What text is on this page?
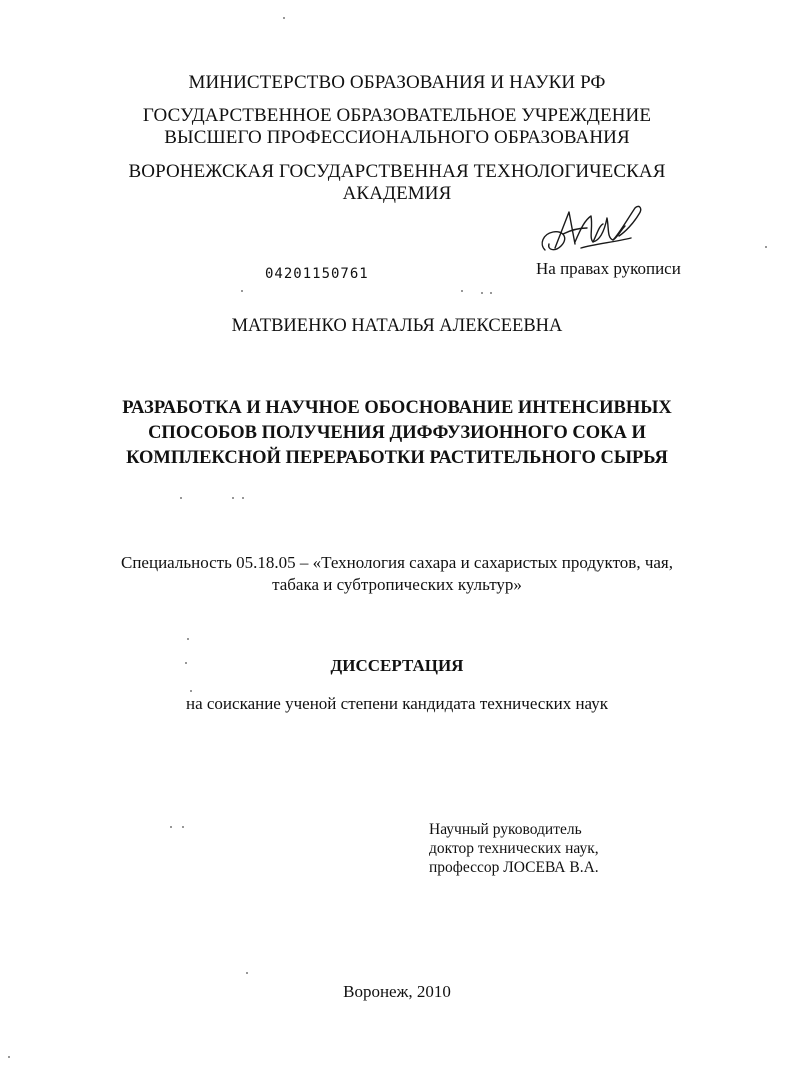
МИНИСТЕРСТВО ОБРАЗОВАНИЯ И НАУКИ РФ
ГОСУДАРСТВЕННОЕ ОБРАЗОВАТЕЛЬНОЕ УЧРЕЖДЕНИЕ
ВЫСШЕГО ПРОФЕССИОНАЛЬНОГО ОБРАЗОВАНИЯ
ВОРОНЕЖСКАЯ ГОСУДАРСТВЕННАЯ ТЕХНОЛОГИЧЕСКАЯ
АКАДЕМИЯ
04201150761	На правах рукописи
МАТВИЕНКО НАТАЛЬЯ АЛЕКСЕЕВНА
РАЗРАБОТКА И НАУЧНОЕ ОБОСНОВАНИЕ ИНТЕНСИВНЫХ
СПОСОБОВ ПОЛУЧЕНИЯ ДИФФУЗИОННОГО СОКА И
КОМПЛЕКСНОЙ ПЕРЕРАБОТКИ РАСТИТЕЛЬНОГО СЫРЬЯ
Специальность 05.18.05 – «Технология сахара и сахаристых продуктов, чая,
табака и субтропических культур»
ДИССЕРТАЦИЯ
на соискание ученой степени кандидата технических наук
Научный руководитель
доктор технических наук,
профессор ЛОСЕВА В.А.
Воронеж, 2010
